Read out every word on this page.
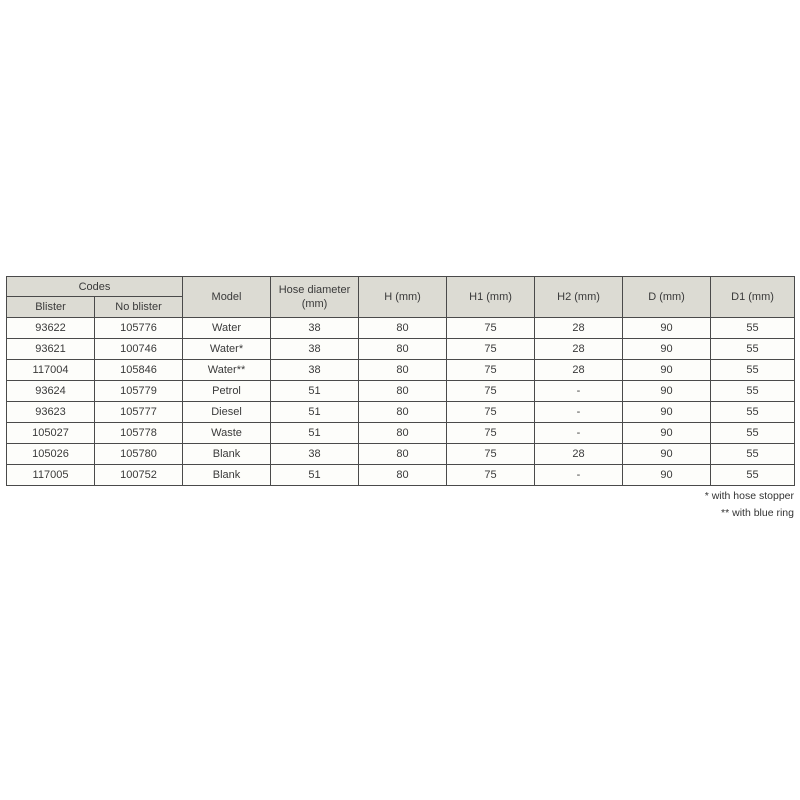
Codes		Model	Hose diameter (mm)	H (mm)	H1 (mm)	H2 (mm)	D (mm)	D1 (mm)
Blister	No blister							
93622	105776	Water	38	80	75	28	90	55
93621	100746	Water*	38	80	75	28	90	55
117004	105846	Water**	38	80	75	28	90	55
93624	105779	Petrol	51	80	75	-	90	55
93623	105777	Diesel	51	80	75	-	90	55
105027	105778	Waste	51	80	75	-	90	55
105026	105780	Blank	38	80	75	28	90	55
117005	100752	Blank	51	80	75	-	90	55
* with hose stopper
** with blue ring
